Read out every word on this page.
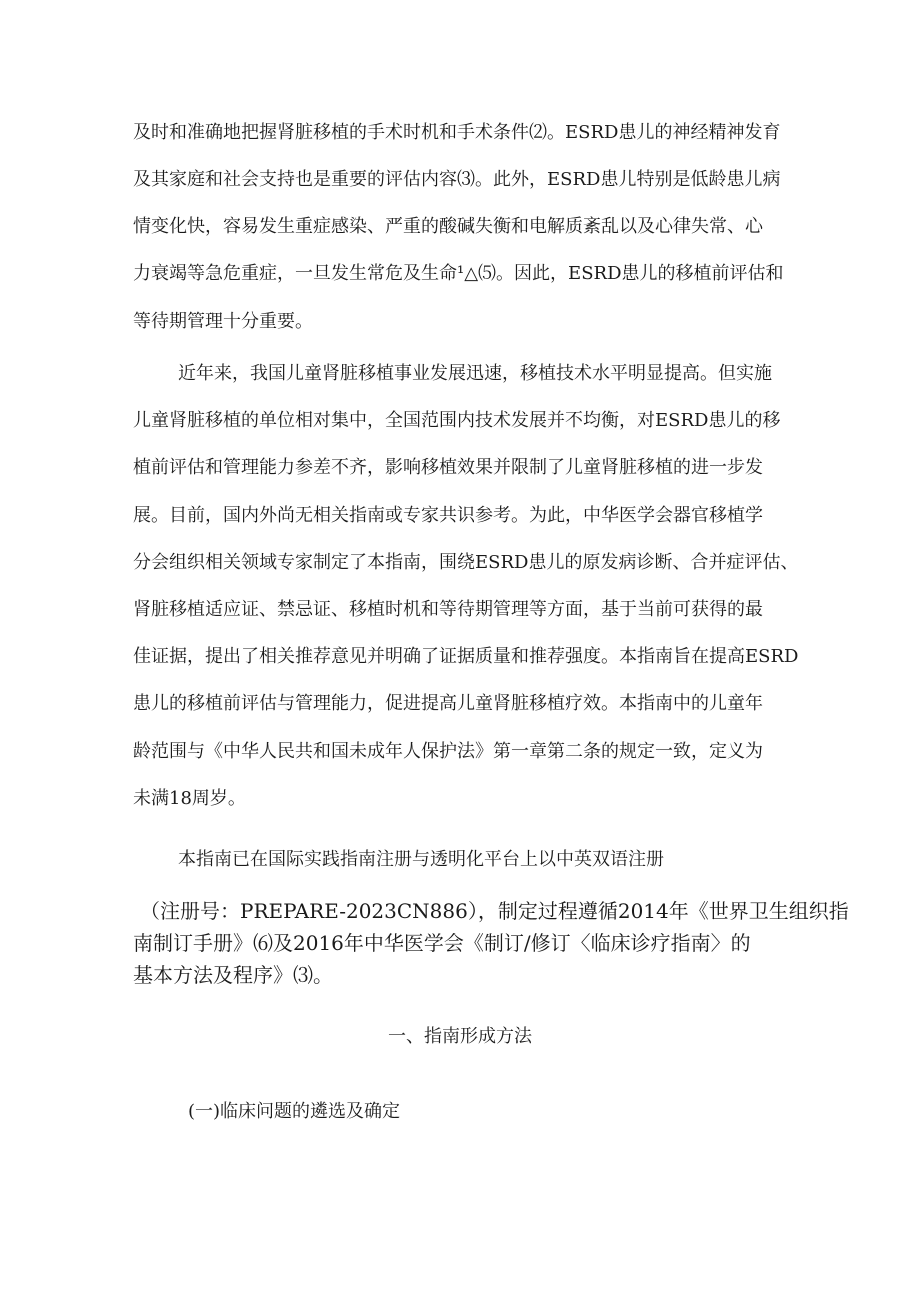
及时和准确地把握肾脏移植的手术时机和手术条件⑵。ESRD患儿的神经精神发育
及其家庭和社会支持也是重要的评估内容⑶。此外，ESRD患儿特别是低龄患儿病
情变化快，容易发生重症感染、严重的酸碱失衡和电解质紊乱以及心律失常、心
力衰竭等急危重症，一旦发生常危及生命¹△⑸。因此，ESRD患儿的移植前评估和
等待期管理十分重要。
近年来，我国儿童肾脏移植事业发展迅速，移植技术水平明显提高。但实施
儿童肾脏移植的单位相对集中，全国范围内技术发展并不均衡，对ESRD患儿的移
植前评估和管理能力参差不齐，影响移植效果并限制了儿童肾脏移植的进一步发
展。目前，国内外尚无相关指南或专家共识参考。为此，中华医学会器官移植学
分会组织相关领域专家制定了本指南，围绕ESRD患儿的原发病诊断、合并症评估、
肾脏移植适应证、禁忌证、移植时机和等待期管理等方面，基于当前可获得的最
佳证据，提出了相关推荐意见并明确了证据质量和推荐强度。本指南旨在提高ESRD
患儿的移植前评估与管理能力，促进提高儿童肾脏移植疗效。本指南中的儿童年
龄范围与《中华人民共和国未成年人保护法》第一章第二条的规定一致，定义为
未满18周岁。
本指南已在国际实践指南注册与透明化平台上以中英双语注册
（注册号：PREPARE-2023CN886），制定过程遵循2014年《世界卫生组织指
南制订手册》⑹及2016年中华医学会《制订/修订〈临床诊疗指南〉的
基本方法及程序》⑶。
一、指南形成方法
(一)临床问题的遴选及确定
